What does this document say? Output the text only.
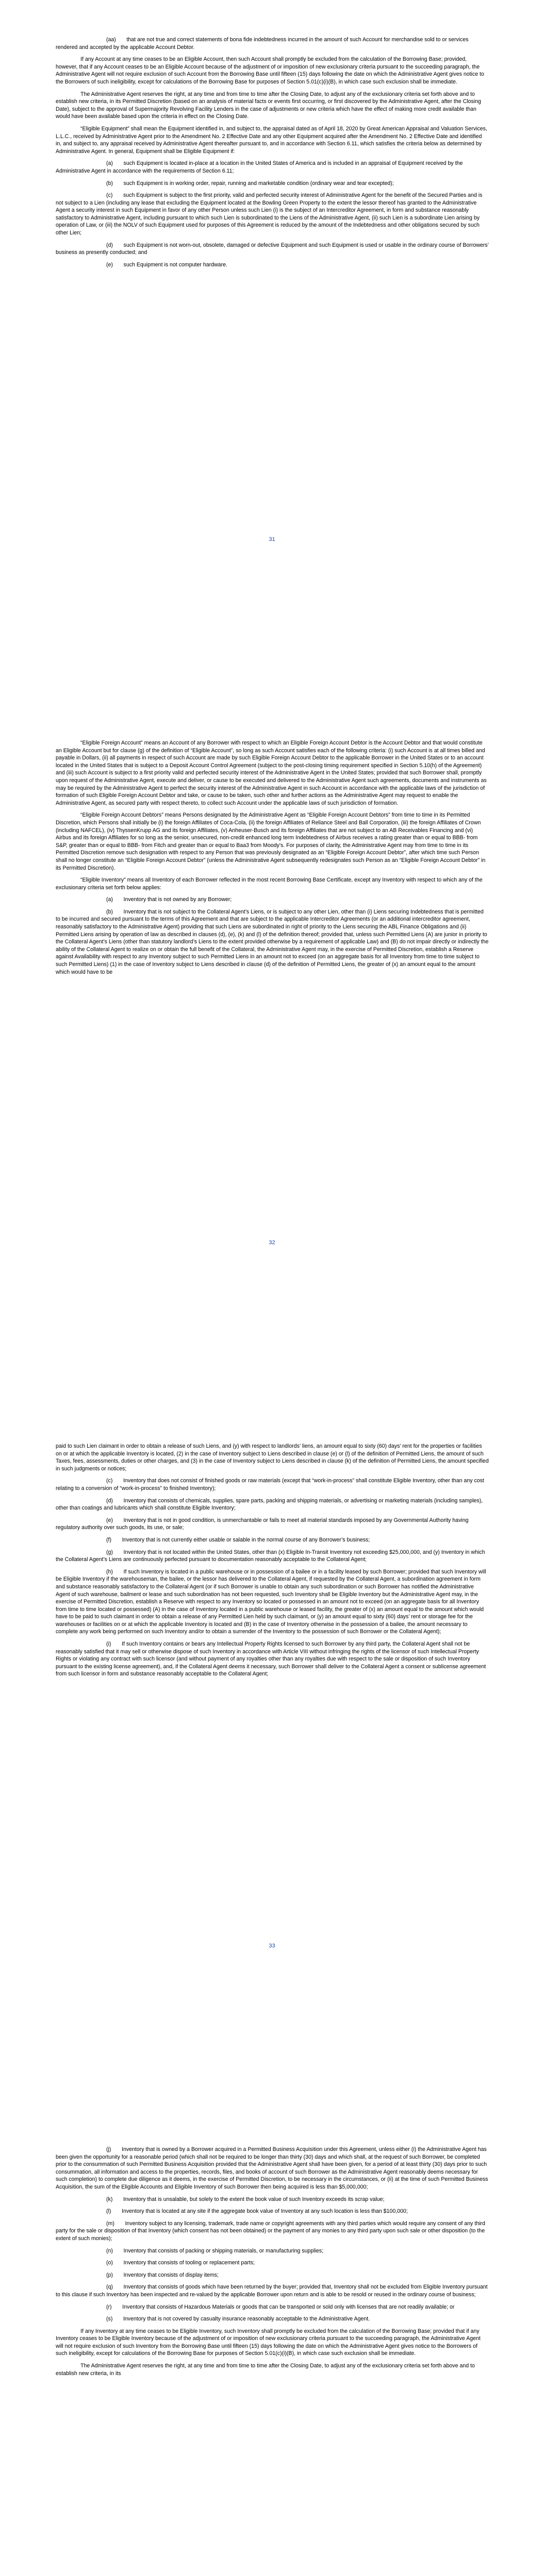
(aa)       that are not true and correct statements of bona fide indebtedness incurred in the amount of such Account for merchandise sold to or services rendered and accepted by the applicable Account Debtor.

If any Account at any time ceases to be an Eligible Account, then such Account shall promptly be excluded from the calculation of the Borrowing Base; provided, however, that if any Account ceases to be an Eligible Account because of the adjustment of or imposition of new exclusionary criteria pursuant to the succeeding paragraph, the Administrative Agent will not require exclusion of such Account from the Borrowing Base until fifteen (15) days following the date on which the Administrative Agent gives notice to the Borrowers of such ineligibility, except for calculations of the Borrowing Base for purposes of Section 5.01(c)(i)(B), in which case such exclusion shall be immediate.

The Administrative Agent reserves the right, at any time and from time to time after the Closing Date, to adjust any of the exclusionary criteria set forth above and to establish new criteria, in its Permitted Discretion (based on an analysis of material facts or events first occurring, or first discovered by the Administrative Agent, after the Closing Date), subject to the approval of Supermajority Revolving Facility Lenders in the case of adjustments or new criteria which have the effect of making more credit available than would have been available based upon the criteria in effect on the Closing Date.

“Eligible Equipment” shall mean the Equipment identified in, and subject to, the appraisal dated as of April 18, 2020 by Great American Appraisal and Valuation Services, L.L.C., received by Administrative Agent prior to the Amendment No. 2 Effective Date and any other Equipment acquired after the Amendment No. 2 Effective Date and identified in, and subject to, any appraisal received by Administrative Agent thereafter pursuant to, and in accordance with Section 6.11, which satisfies the criteria below as determined by Administrative Agent. In general, Equipment shall be Eligible Equipment if:

(a)       such Equipment is located in-place at a location in the United States of America and is included in an appraisal of Equipment received by the Administrative Agent in accordance with the requirements of Section 6.11;

(b)       such Equipment is in working order, repair, running and marketable condition (ordinary wear and tear excepted);

(c)       such Equipment is subject to the first priority, valid and perfected security interest of Administrative Agent for the benefit of the Secured Parties and is not subject to a Lien (including any lease that excluding the Equipment located at the Bowling Green Property to the extent the lessor thereof has granted to the Administrative Agent a security interest in such Equipment in favor of any other Person unless such Lien (i) is the subject of an Intercreditor Agreement, in form and substance reasonably satisfactory to Administrative Agent, including pursuant to which such Lien is subordinated to the Liens of the Administrative Agent, (ii) such Lien is a subordinate Lien arising by operation of Law, or (iii) the NOLV of such Equipment used for purposes of this Agreement is reduced by the amount of the Indebtedness and other obligations secured by such other Lien;

(d)       such Equipment is not worn-out, obsolete, damaged or defective Equipment and such Equipment is used or usable in the ordinary course of Borrowers’ business as presently conducted; and

(e)       such Equipment is not computer hardware.

31

“Eligible Foreign Account” means an Account of any Borrower with respect to which an Eligible Foreign Account Debtor is the Account Debtor and that would constitute an Eligible Account but for clause (g) of the definition of “Eligible Account”, so long as such Account satisfies each of the following criteria: (i) such Account is at all times billed and payable in Dollars, (ii) all payments in respect of such Account are made by such Eligible Foreign Account Debtor to the applicable Borrower in the United States or to an account located in the United States that is subject to a Deposit Account Control Agreement (subject to the post-closing timing requirement specified in Section 5.10(h) of the Agreement) and (iii) such Account is subject to a first priority valid and perfected security interest of the Administrative Agent in the United States; provided that such Borrower shall, promptly upon request of the Administrative Agent, execute and deliver, or cause to be executed and delivered to the Administrative Agent such agreements, documents and instruments as may be required by the Administrative Agent to perfect the security interest of the Administrative Agent in such Account in accordance with the applicable laws of the jurisdiction of formation of such Eligible Foreign Account Debtor and take, or cause to be taken, such other and further actions as the Administrative Agent may request to enable the Administrative Agent, as secured party with respect thereto, to collect such Account under the applicable laws of such jurisdiction of formation.

“Eligible Foreign Account Debtors” means Persons designated by the Administrative Agent as “Eligible Foreign Account Debtors” from time to time in its Permitted Discretion, which Persons shall initially be (i) the foreign Affiliates of Coca-Cola, (ii) the foreign Affiliates of Reliance Steel and Ball Corporation, (iii) the foreign Affiliates of Crown (including NAFCEL), (iv) ThyssenKrupp AG and its foreign Affiliates, (v) Anheuser-Busch and its foreign Affiliates that are not subject to an AB Receivables Financing and (vi) Airbus and its foreign Affiliates for so long as the senior, unsecured, non-credit enhanced long term Indebtedness of Airbus receives a rating greater than or equal to BBB- from S&P, greater than or equal to BBB- from Fitch and greater than or equal to Baa3 from Moody’s. For purposes of clarity, the Administrative Agent may from time to time in its Permitted Discretion remove such designation with respect to any Person that was previously designated as an “Eligible Foreign Account Debtor”, after which time such Person shall no longer constitute an “Eligible Foreign Account Debtor” (unless the Administrative Agent subsequently redesignates such Person as an “Eligible Foreign Account Debtor” in its Permitted Discretion).

“Eligible Inventory” means all Inventory of each Borrower reflected in the most recent Borrowing Base Certificate, except any Inventory with respect to which any of the exclusionary criteria set forth below applies:

(a)       Inventory that is not owned by any Borrower;

(b)       Inventory that is not subject to the Collateral Agent’s Liens, or is subject to any other Lien, other than (i) Liens securing Indebtedness that is permitted to be incurred and secured pursuant to the terms of this Agreement and that are subject to the applicable Intercreditor Agreements (or an additional intercreditor agreement, reasonably satisfactory to the Administrative Agent) providing that such Liens are subordinated in right of priority to the Liens securing the ABL Finance Obligations and (ii) Permitted Liens arising by operation of law as described in clauses (d), (e), (k) and (l) of the definition thereof; provided that, unless such Permitted Liens (A) are junior in priority to the Collateral Agent’s Liens (other than statutory landlord’s Liens to the extent provided otherwise by a requirement of applicable Law) and (B) do not impair directly or indirectly the ability of the Collateral Agent to realize on or obtain the full benefit of the Collateral, the Administrative Agent may, in the exercise of Permitted Discretion, establish a Reserve against Availability with respect to any Inventory subject to such Permitted Liens in an amount not to exceed (on an aggregate basis for all Inventory from time to time subject to such Permitted Liens) (1) in the case of Inventory subject to Liens described in clause (d) of the definition of Permitted Liens, the greater of (x) an amount equal to the amount which would have to be

32

paid to such Lien claimant in order to obtain a release of such Liens, and (y) with respect to landlords’ liens, an amount equal to sixty (60) days’ rent for the properties or facilities on or at which the applicable Inventory is located, (2) in the case of Inventory subject to Liens described in clause (e) or (l) of the definition of Permitted Liens, the amount of such Taxes, fees, assessments, duties or other charges, and (3) in the case of Inventory subject to Liens described in clause (k) of the definition of Permitted Liens, the amount specified in such judgments or notices;

(c)       Inventory that does not consist of finished goods or raw materials (except that “work-in-process” shall constitute Eligible Inventory, other than any cost relating to a conversion of “work-in-process” to finished Inventory);

(d)       Inventory that consists of chemicals, supplies, spare parts, packing and shipping materials, or advertising or marketing materials (including samples), other than coatings and lubricants which shall constitute Eligible Inventory;

(e)       Inventory that is not in good condition, is unmerchantable or fails to meet all material standards imposed by any Governmental Authority having regulatory authority over such goods, its use, or sale;

(f)       Inventory that is not currently either usable or salable in the normal course of any Borrower’s business;

(g)       Inventory that is not located within the United States, other than (x) Eligible In-Transit Inventory not exceeding $25,000,000, and (y) Inventory in which the Collateral Agent’s Liens are continuously perfected pursuant to documentation reasonably acceptable to the Collateral Agent;

(h)       If such Inventory is located in a public warehouse or in possession of a bailee or in a facility leased by such Borrower; provided that such Inventory will be Eligible Inventory if the warehouseman, the bailee, or the lessor has delivered to the Collateral Agent, if requested by the Collateral Agent, a subordination agreement in form and substance reasonably satisfactory to the Collateral Agent (or if such Borrower is unable to obtain any such subordination or such Borrower has notified the Administrative Agent of such warehouse, bailment or lease and such subordination has not been requested, such Inventory shall be Eligible Inventory but the Administrative Agent may, in the exercise of Permitted Discretion, establish a Reserve with respect to any Inventory so located or possessed in an amount not to exceed (on an aggregate basis for all Inventory from time to time located or possessed) (A) in the case of Inventory located in a public warehouse or leased facility, the greater of (x) an amount equal to the amount which would have to be paid to such claimant in order to obtain a release of any Permitted Lien held by such claimant, or (y) an amount equal to sixty (60) days’ rent or storage fee for the warehouses or facilities on or at which the applicable Inventory is located and (B) in the case of Inventory otherwise in the possession of a bailee, the amount necessary to complete any work being performed on such Inventory and/or to obtain a surrender of the Inventory to the possession of such Borrower or the Collateral Agent);

(i)       If such Inventory contains or bears any Intellectual Property Rights licensed to such Borrower by any third party, the Collateral Agent shall not be reasonably satisfied that it may sell or otherwise dispose of such Inventory in accordance with Article VIII without infringing the rights of the licensor of such Intellectual Property Rights or violating any contract with such licensor (and without payment of any royalties other than any royalties due with respect to the sale or disposition of such Inventory pursuant to the existing license agreement), and, if the Collateral Agent deems it necessary, such Borrower shall deliver to the Collateral Agent a consent or sublicense agreement from such licensor in form and substance reasonably acceptable to the Collateral Agent;

33

(j)       Inventory that is owned by a Borrower acquired in a Permitted Business Acquisition under this Agreement, unless either (i) the Administrative Agent has been given the opportunity for a reasonable period (which shall not be required to be longer than thirty (30) days and which shall, at the request of such Borrower, be completed prior to the consummation of such Permitted Business Acquisition provided that the Administrative Agent shall have been given, for a period of at least thirty (30) days prior to such consummation, all information and access to the properties, records, files, and books of account of such Borrower as the Administrative Agent reasonably deems necessary for such completion) to complete due diligence as it deems, in the exercise of Permitted Discretion, to be necessary in the circumstances, or (ii) at the time of such Permitted Business Acquisition, the sum of the Eligible Accounts and Eligible Inventory of such Borrower then being acquired is less than $5,000,000;

(k)       Inventory that is unsalable, but solely to the extent the book value of such Inventory exceeds its scrap value;

(l)       Inventory that is located at any site if the aggregate book value of Inventory at any such location is less than $100,000;

(m)       Inventory subject to any licensing, trademark, trade name or copyright agreements with any third parties which would require any consent of any third party for the sale or disposition of that Inventory (which consent has not been obtained) or the payment of any monies to any third party upon such sale or other disposition (to the extent of such monies);

(n)       Inventory that consists of packing or shipping materials, or manufacturing supplies;

(o)       Inventory that consists of tooling or replacement parts;

(p)       Inventory that consists of display items;

(q)       Inventory that consists of goods which have been returned by the buyer; provided that, Inventory shall not be excluded from Eligible Inventory pursuant to this clause if such Inventory has been inspected and re-valued by the applicable Borrower upon return and is able to be resold or reused in the ordinary course of business;

(r)       Inventory that consists of Hazardous Materials or goods that can be transported or sold only with licenses that are not readily available; or

(s)       Inventory that is not covered by casualty insurance reasonably acceptable to the Administrative Agent.

If any Inventory at any time ceases to be Eligible Inventory, such Inventory shall promptly be excluded from the calculation of the Borrowing Base; provided that if any Inventory ceases to be Eligible Inventory because of the adjustment of or imposition of new exclusionary criteria pursuant to the succeeding paragraph, the Administrative Agent will not require exclusion of such Inventory from the Borrowing Base until fifteen (15) days following the date on which the Administrative Agent gives notice to the Borrowers of such ineligibility, except for calculations of the Borrowing Base for purposes of Section 5.01(c)(i)(B), in which case such exclusion shall be immediate.

The Administrative Agent reserves the right, at any time and from time to time after the Closing Date, to adjust any of the exclusionary criteria set forth above and to establish new criteria, in its
